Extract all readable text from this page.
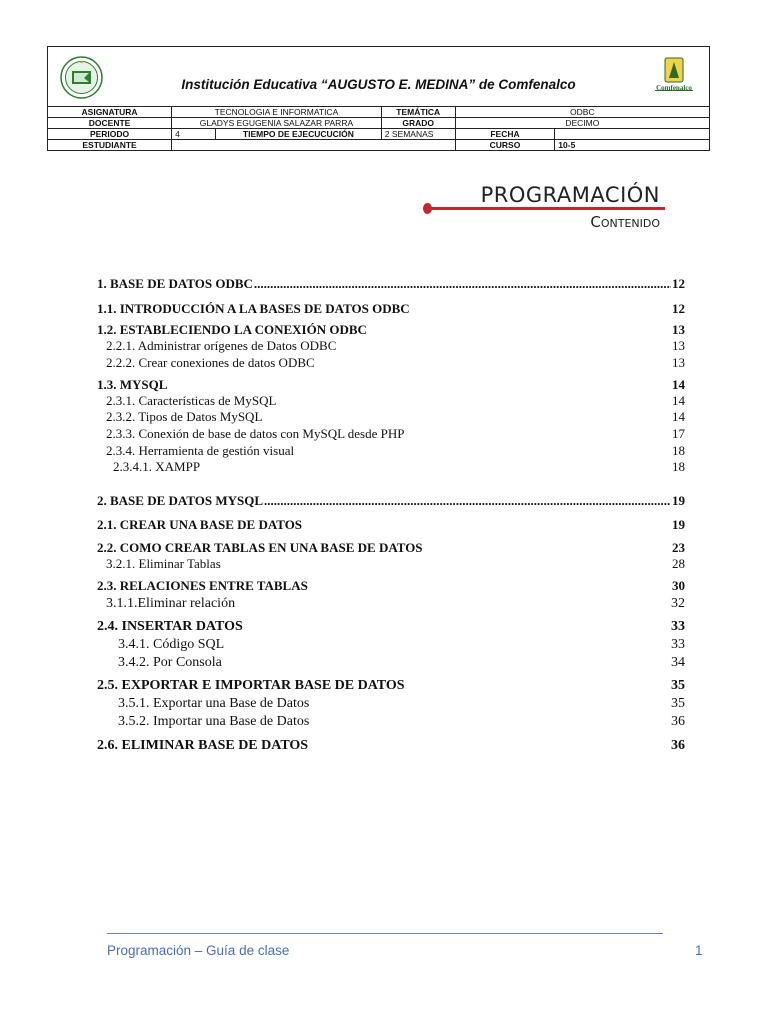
Institución Educativa “AUGUSTO E. MEDINA” de Comfenalco	Comfenalco
ASIGNATURA	TECNOLOGIA E INFORMATICA		TEMÁTICA	ODBC	
DOCENTE	GLADYS EGUGENIA SALAZAR PARRA		GRADO	DECIMO	
PERIODO	4	TIEMPO DE EJECUCUCIÓN	2 SEMANAS	FECHA	
ESTUDIANTE				CURSO	10-5
PROGRAMACIÓN
Contenido
1. BASE DE DATOS ODBC .....	12
1.1. INTRODUCCIÓN A LA BASES DE DATOS ODBC	12
1.2. ESTABLECIENDO LA CONEXIÓN ODBC	13
2.2.1. Administrar orígenes de Datos ODBC	13
2.2.2. Crear conexiones de datos ODBC	13
1.3. MYSQL	14
2.3.1. Características de MySQL	14
2.3.2. Tipos de Datos MySQL	14
2.3.3. Conexión de base de datos con MySQL desde PHP	17
2.3.4. Herramienta de gestión visual	18
2.3.4.1. XAMPP	18
2. BASE DE DATOS MYSQL .....	19
2.1. CREAR UNA BASE DE DATOS	19
2.2. COMO CREAR TABLAS EN UNA BASE DE DATOS	23
3.2.1. Eliminar Tablas	28
2.3. RELACIONES ENTRE TABLAS	30
3.1.1.Eliminar relación	32
2.4. INSERTAR DATOS	33
3.4.1. Código SQL	33
3.4.2. Por Consola	34
2.5. EXPORTAR E IMPORTAR BASE DE DATOS	35
3.5.1. Exportar una Base de Datos	35
3.5.2. Importar una Base de Datos	36
2.6. ELIMINAR BASE DE DATOS	36
Programación – Guía de clase	1
